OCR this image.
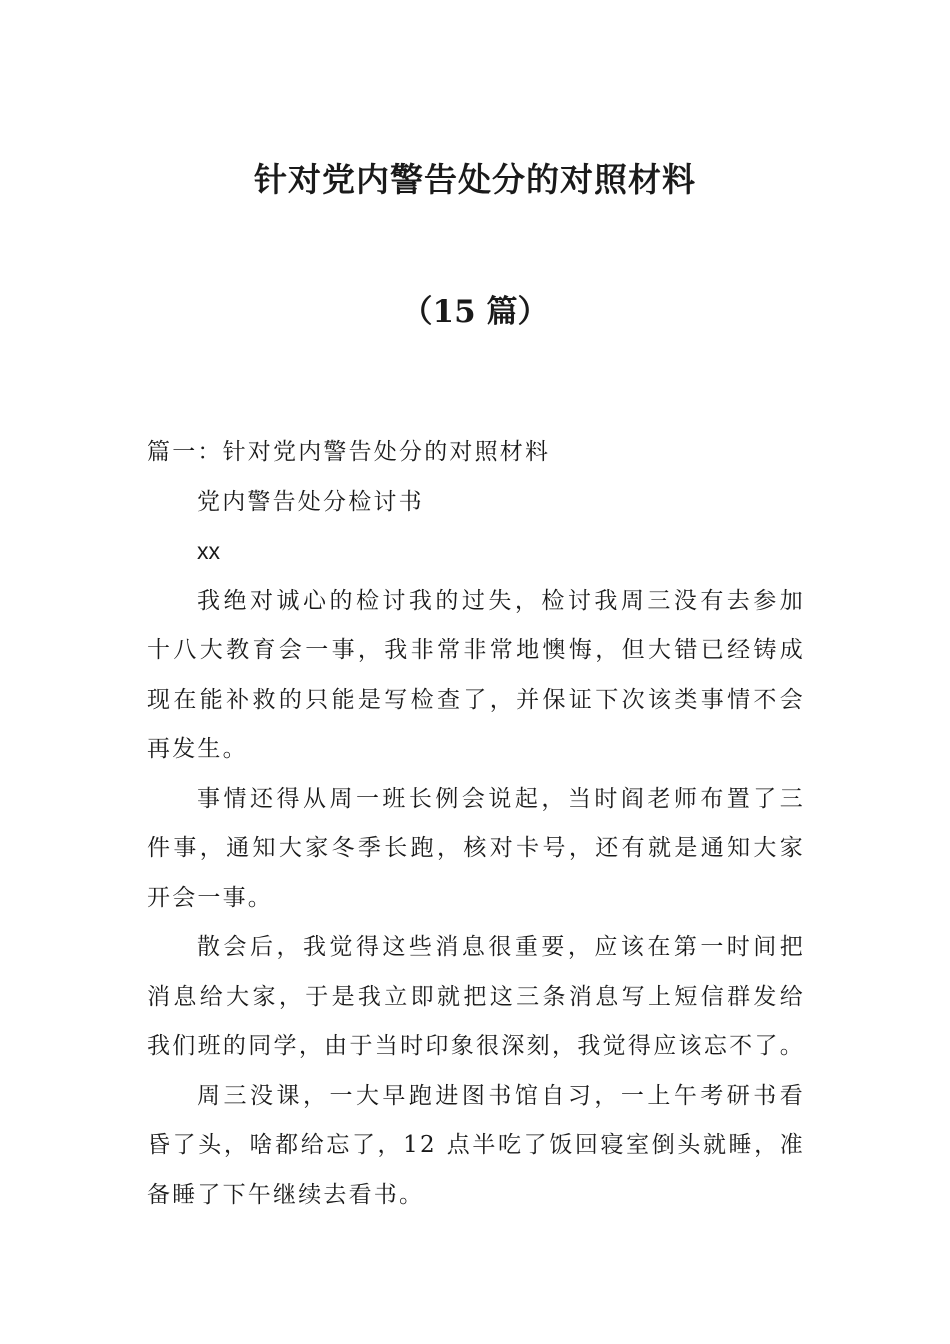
针对党内警告处分的对照材料
（15 篇）

篇一：针对党内警告处分的对照材料

党内警告处分检讨书

xx

我绝对诚心的检讨我的过失，检讨我周三没有去参加

十八大教育会一事，我非常非常地懊悔，但大错已经铸成

现在能补救的只能是写检查了，并保证下次该类事情不会

再发生。

事情还得从周一班长例会说起，当时阎老师布置了三

件事，通知大家冬季长跑，核对卡号，还有就是通知大家

开会一事。

散会后，我觉得这些消息很重要，应该在第一时间把

消息给大家，于是我立即就把这三条消息写上短信群发给

我们班的同学，由于当时印象很深刻，我觉得应该忘不了。

周三没课，一大早跑进图书馆自习，一上午考研书看

昏了头，啥都给忘了，12 点半吃了饭回寝室倒头就睡，准

备睡了下午继续去看书。
